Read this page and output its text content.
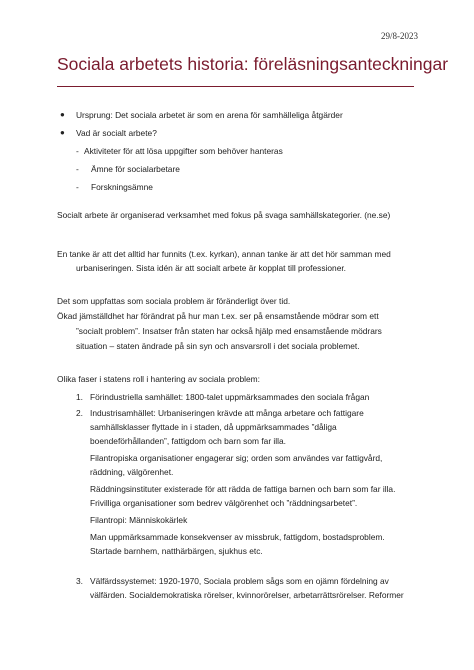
29/8-2023
Sociala arbetets historia: föreläsningsanteckningar
● Ursprung: Det sociala arbetet är som en arena för samhälleliga åtgärder
● Vad är socialt arbete?
- Aktiviteter för att lösa uppgifter som behöver hanteras
- Ämne för socialarbetare
- Forskningsämne
Socialt arbete är organiserad verksamhet med fokus på svaga samhällskategorier. (ne.se)
En tanke är att det alltid har funnits (t.ex. kyrkan), annan tanke är att det hör samman med
urbaniseringen. Sista idén är att socialt arbete är kopplat till professioner.
Det som uppfattas som sociala problem är föränderligt över tid.
Ökad jämställdhet har förändrat på hur man t.ex. ser på ensamstående mödrar som ett
”socialt problem”. Insatser från staten har också hjälp med ensamstående mödrars
situation – staten ändrade på sin syn och ansvarsroll i det sociala problemet.
Olika faser i statens roll i hantering av sociala problem:
1. Förindustriella samhället: 1800-talet uppmärksammades den sociala frågan
2. Industrisamhället: Urbaniseringen krävde att många arbetare och fattigare
samhällsklasser flyttade in i staden, då uppmärksammades ”dåliga
boendeförhållanden”, fattigdom och barn som far illa.
Filantropiska organisationer engagerar sig; orden som användes var fattigvård,
räddning, välgörenhet.
Räddningsinstituter existerade för att rädda de fattiga barnen och barn som far illa.
Frivilliga organisationer som bedrev välgörenhet och ”räddningsarbetet”.
Filantropi: Människokärlek
Man uppmärksammade konsekvenser av missbruk, fattigdom, bostadsproblem.
Startade barnhem, natthärbärgen, sjukhus etc.
3. Välfärdssystemet: 1920-1970, Sociala problem sågs som en ojämn fördelning av
välfärden. Socialdemokratiska rörelser, kvinnorörelser, arbetarrättsrörelser. Reformer
